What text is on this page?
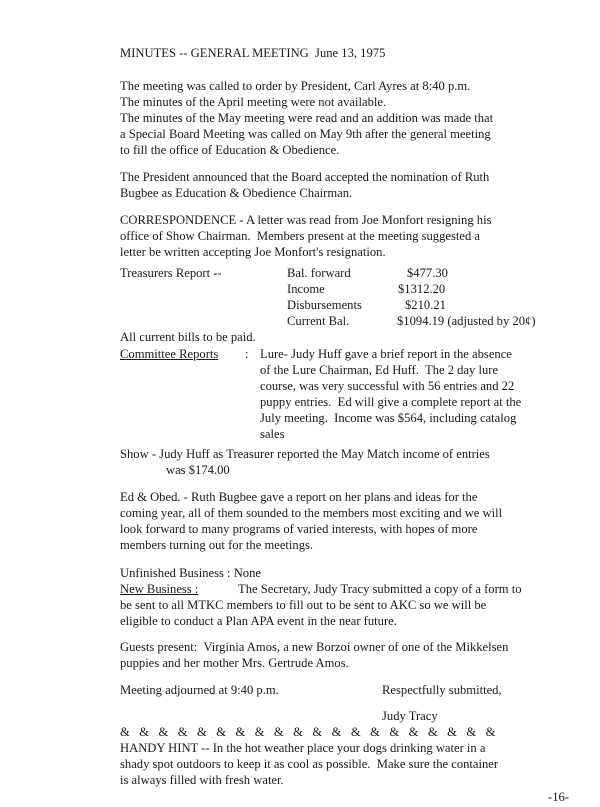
MINUTES -- GENERAL MEETING  June 13, 1975
The meeting was called to order by President, Carl Ayres at 8:40 p.m.
The minutes of the April meeting were not available.
The minutes of the May meeting were read and an addition was made that
a Special Board Meeting was called on May 9th after the general meeting
to fill the office of Education & Obedience.
The President announced that the Board accepted the nomination of Ruth
Bugbee as Education & Obedience Chairman.
CORRESPONDENCE - A letter was read from Joe Monfort resigning his
office of Show Chairman.  Members present at the meeting suggested a
letter be written accepting Joe Monfort's resignation.
Treasurers Report --	Bal. forward	$477.30
Income	$1312.20
Disbursements	$210.21
Current Bal.	$1094.19 (adjusted by 20¢)
All current bills to be paid.
Committee Reports : Lure- Judy Huff gave a brief report in the absence
of the Lure Chairman, Ed Huff.  The 2 day lure
course, was very successful with 56 entries and 22
puppy entries.  Ed will give a complete report at the
July meeting.  Income was $564, including catalog
sales
Show - Judy Huff as Treasurer reported the May Match income of entries
was $174.00
Ed & Obed. - Ruth Bugbee gave a report on her plans and ideas for the
coming year, all of them sounded to the members most exciting and we will
look forward to many programs of varied interests, with hopes of more
members turning out for the meetings.
Unfinished Business : None
New Business :	The Secretary, Judy Tracy submitted a copy of a form to
be sent to all MTKC members to fill out to be sent to AKC so we will be
eligible to conduct a Plan APA event in the near future.
Guests present:  Virginia Amos, a new Borzoi owner of one of the Mikkelsen
puppies and her mother Mrs. Gertrude Amos.
Meeting adjourned at 9:40 p.m.	Respectfully submitted,
Judy Tracy
&   &   &   &   &   &   &   &   &   &   &   &   &   &   &   &   &   &   &   &
HANDY HINT -- In the hot weather place your dogs drinking water in a
shady spot outdoors to keep it as cool as possible.  Make sure the container
is always filled with fresh water.
-16-
